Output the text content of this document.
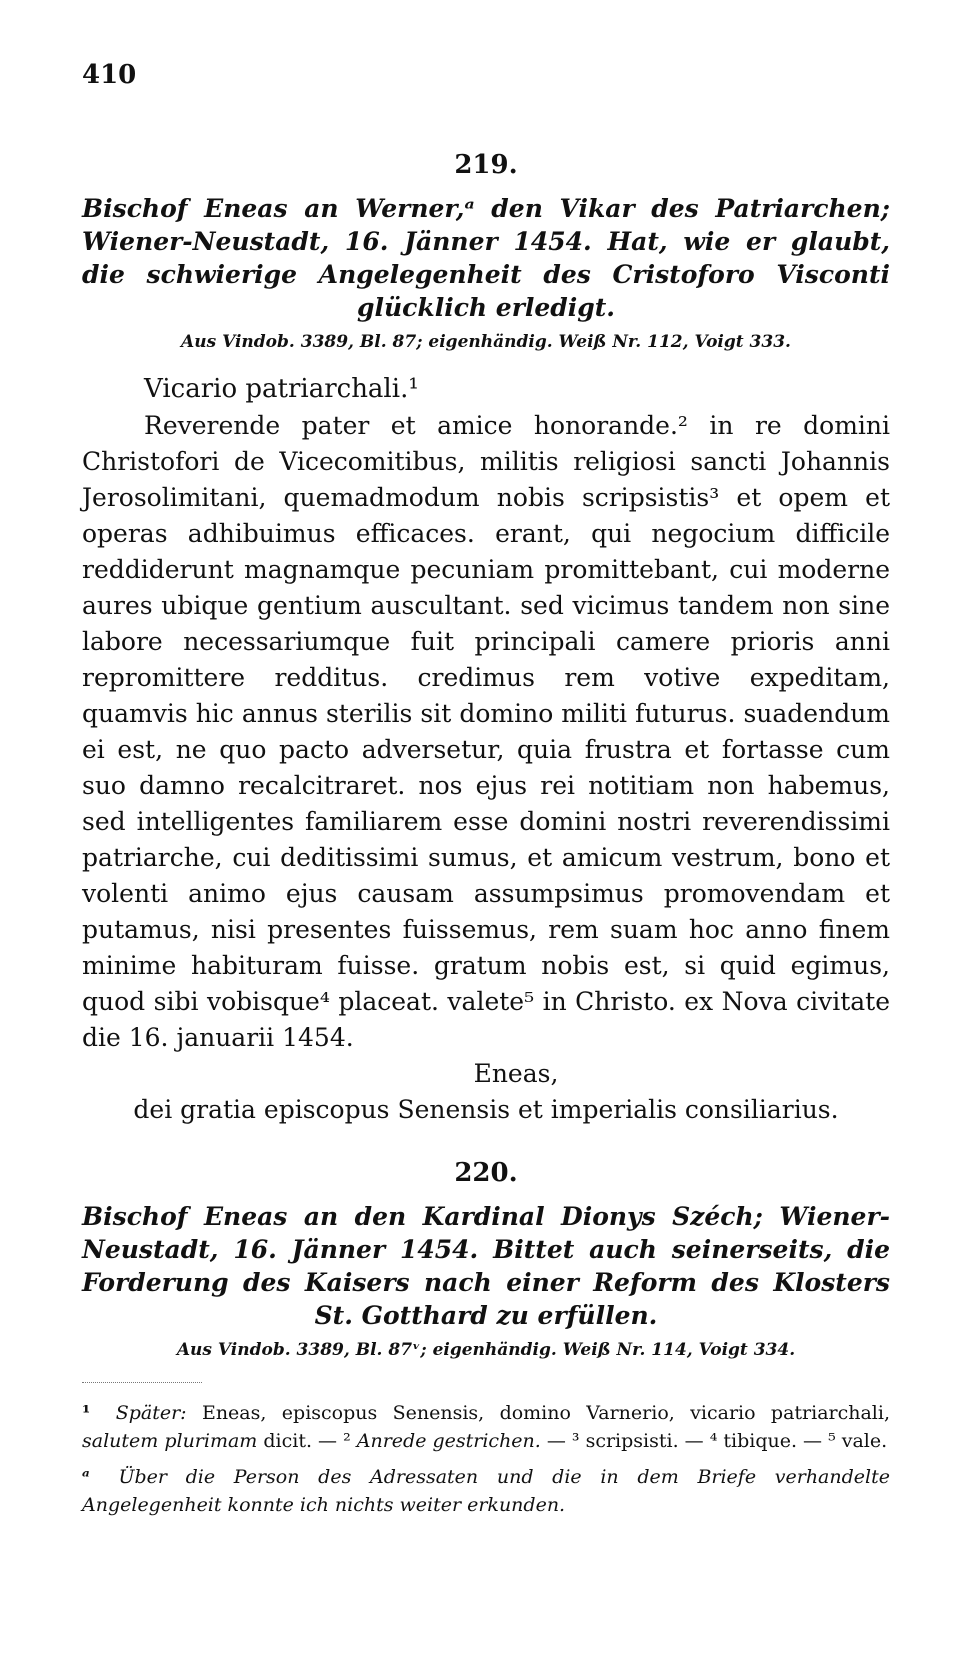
410
219.

Bischof Eneas an Werner,ᵃ den Vikar des Patriarchen; Wiener-Neustadt, 16. Jänner 1454. Hat, wie er glaubt, die schwierige Angelegenheit des Cristoforo Visconti glücklich erledigt.

Aus Vindob. 3389, Bl. 87; eigenhändig. Weiß Nr. 112, Voigt 333.
Vicario patriarchali.¹

Reverende pater et amice honorande.² in re domini Christofori de Vicecomitibus, militis religiosi sancti Johannis Jerosolimitani, quemadmodum nobis scripsistis³ et opem et operas adhibuimus efficaces. erant, qui negocium difficile reddiderunt magnamque pecuniam promittebant, cui moderne aures ubique gentium auscultant. sed vicimus tandem non sine labore necessariumque fuit principali camere prioris anni repromittere redditus. credimus rem votive expeditam, quamvis hic annus sterilis sit domino militi futurus. suadendum ei est, ne quo pacto adversetur, quia frustra et fortasse cum suo damno recalcitraret. nos ejus rei notitiam non habemus, sed intelligentes familiarem esse domini nostri reverendissimi patriarche, cui deditissimi sumus, et amicum vestrum, bono et volenti animo ejus causam assumpsimus promovendam et putamus, nisi presentes fuissemus, rem suam hoc anno finem minime habituram fuisse. gratum nobis est, si quid egimus, quod sibi vobisque⁴ placeat. valete⁵ in Christo. ex Nova civitate die 16. januarii 1454.

Eneas,

dei gratia episcopus Senensis et imperialis consiliarius.

220.

Bischof Eneas an den Kardinal Dionys Széch; Wiener-Neustadt, 16. Jänner 1454. Bittet auch seinerseits, die Forderung des Kaisers nach einer Reform des Klosters St. Gotthard zu erfüllen.

Aus Vindob. 3389, Bl. 87ᵛ; eigenhändig. Weiß Nr. 114, Voigt 334.

¹ Später: Eneas, episcopus Senensis, domino Varnerio, vicario patriarchali, salutem plurimam dicit. — ² Anrede gestrichen. — ³ scripsisti. — ⁴ tibique. — ⁵ vale.

ᵃ Über die Person des Adressaten und die in dem Briefe verhandelte Angelegenheit konnte ich nichts weiter erkunden.
